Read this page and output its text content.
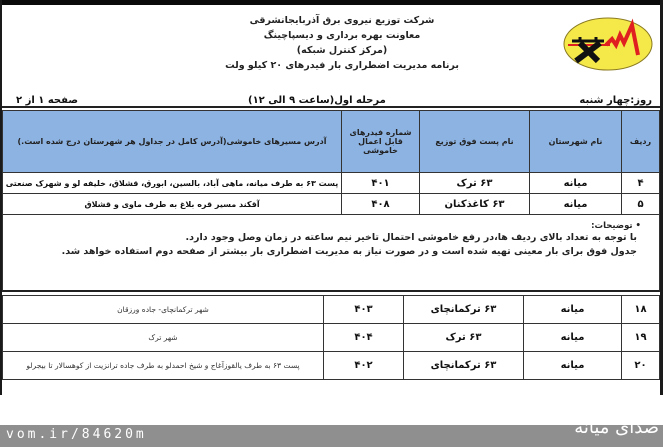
شرکت توزیع نیروی برق آذربایجانشرقی
معاونت بهره برداری و دیسپاچینگ
(مرکز کنترل شبکه)
برنامه مدیریت اضطراری بار فیدرهای ۲۰ کیلو ولت
روز:چهار شنبه
مرحله اول(ساعت ۹ الی ۱۲)
صفحه ۱ از ۲
ردیف	نام شهرستان	نام پست فوق توزیع	شماره فیدرهای قابل اعمال خاموشی	آدرس مسیرهای خاموشی(آدرس کامل در جداول هر شهرستان درج شده است.)
۴	میانه	۶۳ ترک	۴۰۱	پست ۶۳ به طرف میانه، ماهی آباد، بالسین، ابورق، قشلاق، خلیفه لو و شهرک صنعتی
۵	میانه	۶۳ کاغذکنان	۴۰۸	آقکند مسیر قره بلاغ به طرف ماوی و قشلاق
• توضیحات:

با توجه به تعداد بالای ردیف ها،در رفع خاموشی احتمال تاخیر نیم ساعته در زمان وصل وجود دارد.

جدول فوق برای بار معینی تهیه شده است و در صورت نیاز به مدیریت اضطراری بار بیشتر از صفحه دوم استفاده خواهد شد.

۱۸	میانه	۶۳ ترکمانچای	۴۰۳	شهر ترکمانچای- جاده ورزقان
۱۹	میانه	۶۳ ترک	۴۰۴	شهر ترک
۲۰	میانه	۶۳ ترکمانچای	۴۰۲	پست ۶۳ به طرف یالقوزآغاج و شیخ احمدلو به طرف جاده ترانزیت از کوهسالار تا بیجرلو
vom.ir/84620m	صدای میانه
